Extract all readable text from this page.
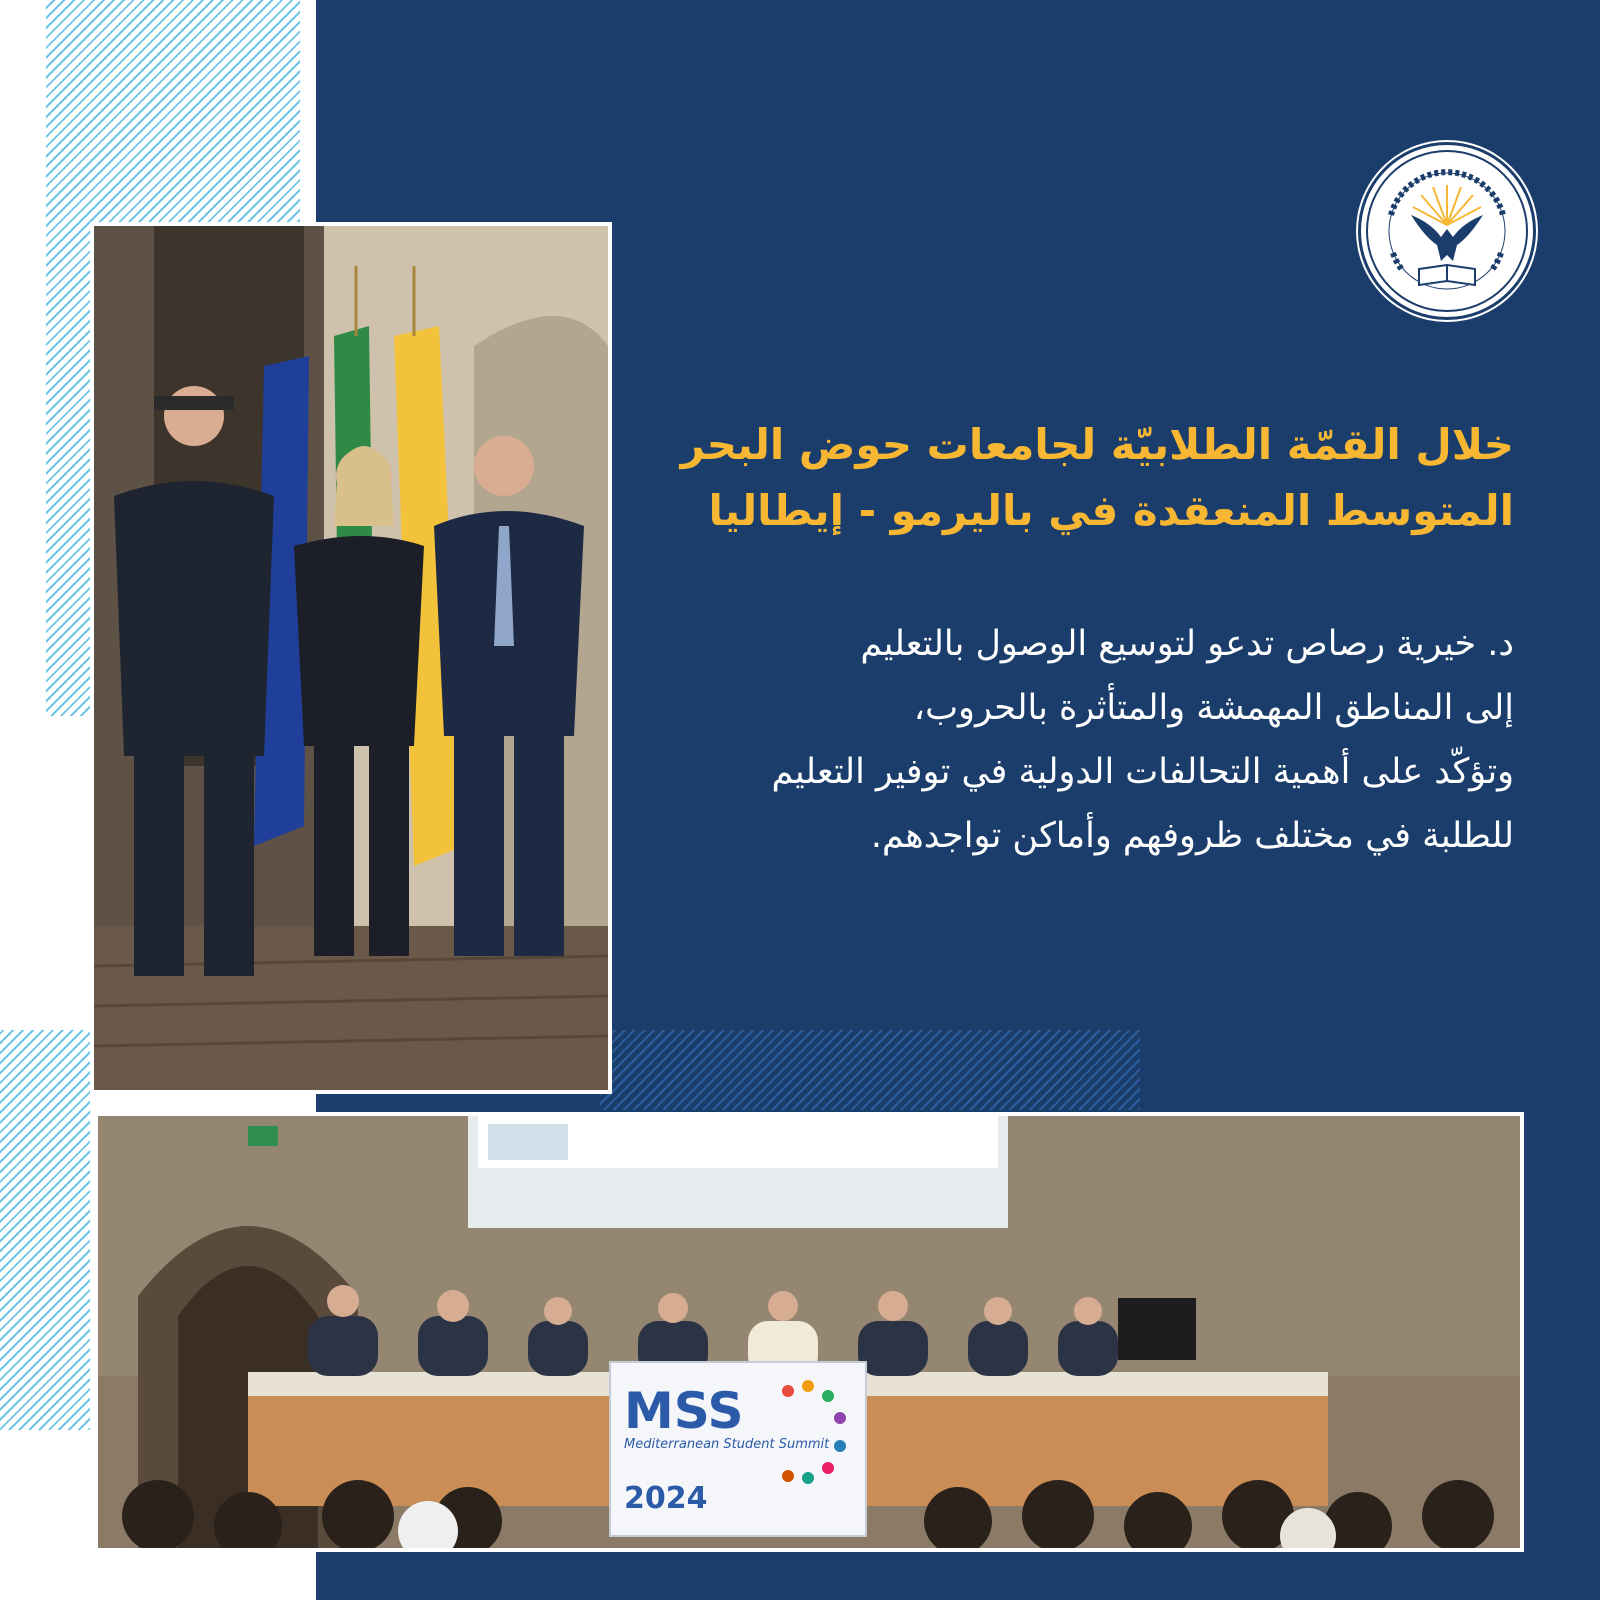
خلال القمّة الطلابيّة لجامعات حوض البحر
المتوسط المنعقدة في باليرمو - إيطاليا

د. خيرية رصاص تدعو لتوسيع الوصول بالتعليم
إلى المناطق المهمشة والمتأثرة بالحروب،
وتؤكّد على أهمية التحالفات الدولية في توفير التعليم
للطلبة في مختلف ظروفهم وأماكن تواجدهم.

MSS
Mediterranean Student Summit
2024
